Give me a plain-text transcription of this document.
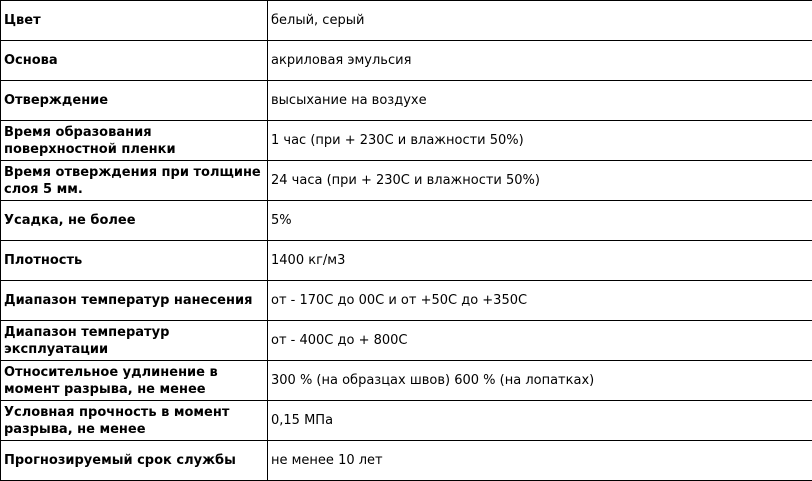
Цвет	белый, серый
Основа	акриловая эмульсия
Отверждение	высыхание на воздухе
Время образования поверхностной пленки	1 час (при + 230С и влажности 50%)
Время отверждения при толщине слоя 5 мм.	24 часа (при + 230С и влажности 50%)
Усадка, не более	5%
Плотность	1400 кг/м3
Диапазон температур нанесения	от - 170С до 00С и от +50С до +350С
Диапазон температур эксплуатации	от - 400С до + 800С
Относительное удлинение в момент разрыва, не менее	300 % (на образцах швов) 600 % (на лопатках)
Условная прочность в момент разрыва, не менее	0,15 МПа
Прогнозируемый срок службы	не менее 10 лет
